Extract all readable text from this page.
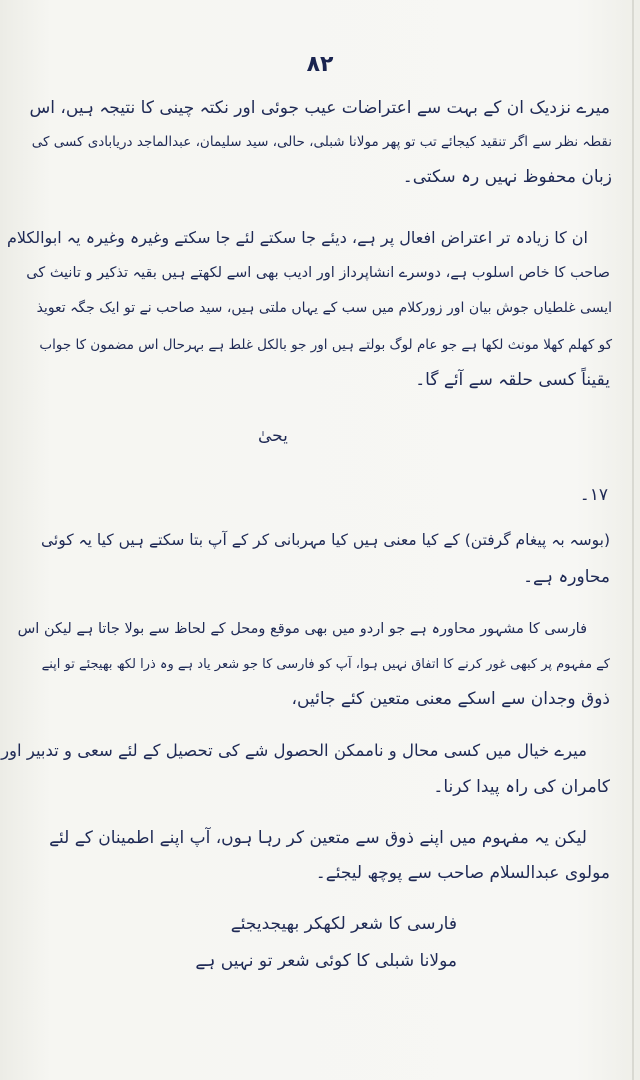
۸۲
میرے نزدیک ان کے بہت سے اعتراضات عیب جوئی اور نکتہ چینی کا نتیجہ ہیں، اس
نقطہ نظر سے اگر تنقید کیجائے تب تو پھر مولانا شبلی، حالی، سید سلیمان، عبدالماجد دریابادی کسی کی
زبان محفوظ نہیں رہ سکتی۔
ان کا زیادہ تر اعتراض افعال پر ہے، دیئے جا سکتے لئے جا سکتے وغیرہ وغیرہ یہ ابوالکلام
صاحب کا خاص اسلوب ہے، دوسرے انشاپرداز اور ادیب بھی اسے لکھتے ہیں بقیہ تذکیر و تانیث کی
ایسی غلطیاں جوش بیان اور زورکلام میں سب کے یہاں ملتی ہیں، سید صاحب نے تو ایک جگہ تعویذ
کو کھلم کھلا مونث لکھا ہے جو عام لوگ بولتے ہیں اور جو بالکل غلط ہے بہرحال اس مضمون کا جواب
یقیناً کسی حلقہ سے آئے گا۔
یحیٰ
۱۷۔
(بوسہ بہ پیغام گرفتن) کے کیا معنی ہیں کیا مہربانی کر کے آپ بتا سکتے ہیں کیا یہ کوئی
محاورہ ہے۔
فارسی کا مشہور محاورہ ہے جو اردو میں بھی موقع ومحل کے لحاظ سے بولا جاتا ہے لیکن اس
کے مفہوم پر کبھی غور کرنے کا اتفاق نہیں ہوا، آپ کو فارسی کا جو شعر یاد ہے وہ ذرا لکھ بھیجئے تو اپنے
ذوق وجدان سے اسکے معنی متعین کئے جائیں،
میرے خیال میں کسی محال و ناممکن الحصول شے کی تحصیل کے لئے سعی و تدبیر اور
کامران کی راہ پیدا کرنا۔
لیکن یہ مفہوم میں اپنے ذوق سے متعین کر رہا ہوں، آپ اپنے اطمینان کے لئے
مولوی عبدالسلام صاحب سے پوچھ لیجئے۔
فارسی کا شعر لکھکر بھیجدیجئے
مولانا شبلی کا کوئی شعر تو نہیں ہے
